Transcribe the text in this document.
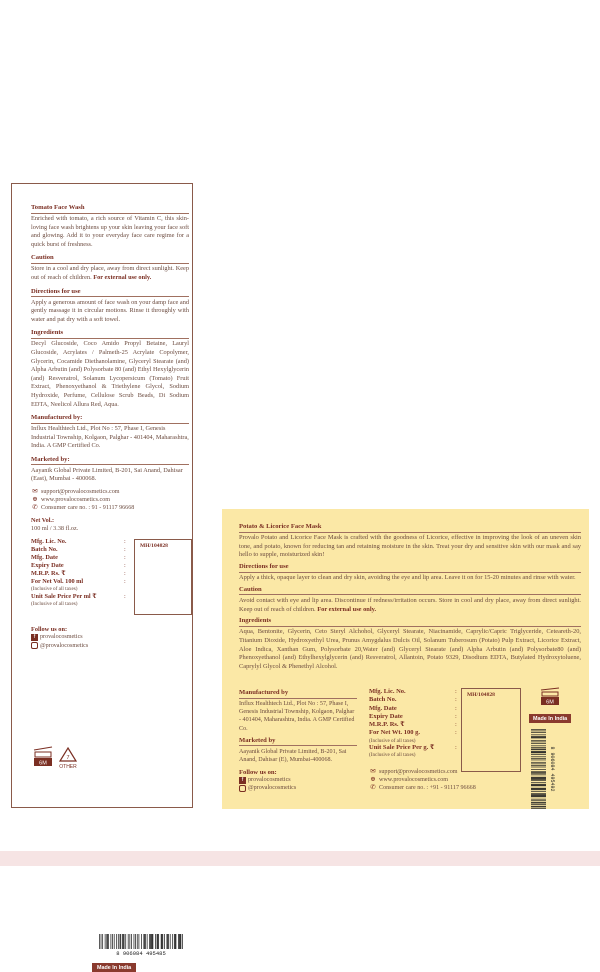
Tomato Face Wash
Enriched with tomato, a rich source of Vitamin C, this skin-loving face wash brightens up your skin leaving your face soft and glowing. Add it to your everyday face care regime for a quick burst of freshness.
Caution
Store in a cool and dry place, away from direct sunlight. Keep out of reach of children. For external use only.
Directions for use
Apply a generous amount of face wash on your damp face and gently massage it in circular motions. Rinse it throughly with water and pat dry with a soft towel.
Ingredients
Decyl Glucoside, Coco Amido Propyl Betaine, Lauryl Glucoside, Acrylates / Palmeth-25 Acrylate Copolymer, Glycerin, Cocamide Diethanolamine, Glyceryl Stearate (and) Alpha Arbutin (and) Polysorbate 80 (and) Ethyl Hexylglycerin (and) Resveratrol, Solanum Lycopersicum (Tomato) Fruit Extract, Phenoxyethanol & Triethylene Glycol, Sodium Hydroxide, Perfume, Cellulose Scrub Beads, Di Sodium EDTA, Neelicol Allura Red, Aqua.
Manufactured by:
Influx Healthtech Ltd., Plot No : 57, Phase I, Genesis Industrial Township, Kolgaon, Palghar - 401404, Maharashtra, India. A GMP Certified Co.
Marketed by:
Aayanik Global Private Limited, B-201, Sai Anand, Dahisar (East), Mumbai - 400068.
✉ support@provalocosmetics.com
⊕ www.provalocosmetics.com
✆ Consumer care no. : 91 - 91117 96668
Net Vol.:
100 ml / 3.38 fl.oz.
Mfg. Lic. No.	:
Batch No.	:
Mfg. Date	:
Expiry Date	:
M.R.P. Rs. ₹	:
For Net Vol. 100 ml	:
(Inclusive of all taxes)
Unit Sale Price Per ml ₹	:
(Inclusive of all taxes)
MH/104828
Follow us on:
f provalocosmetics
@provalocosmetics
6M
7
OTHER
8 906084 495485
Made In India
Potato & Licorice Face Mask
Provalo Potato and Licorice Face Mask is crafted with the goodness of Licorice, effective in improving the look of an uneven skin tone, and potato, known for reducing tan and retaining moisture in the skin. Treat your dry and sensitive skin with our mask and say hello to supple, moisturized skin!
Directions for use
Apply a thick, opaque layer to clean and dry skin, avoiding the eye and lip area. Leave it on for 15-20 minutes and rinse with water.
Caution
Avoid contact with eye and lip area. Discontinue if redness/irritation occurs. Store in cool and dry place, away from direct sunlight. Keep out of reach of children. For external use only.
Ingredients
Aqua, Bentonite, Glycerin, Ceto Steryl Alchohol, Glyceryl Stearate, Niacinamide, Caprylic/Capric Triglyceride, Ceteareth-20, Titanium Dioxide, Hydroxyethyl Urea, Prunus Amygdalus Dulcis Oil, Solanum Tuberosum (Potato) Pulp Extract, Licorice Extract, Aloe Indica, Xanthan Gum, Polysorbate 20,Water (and) Glyceryl Stearate (and) Alpha Arbutin (and) Polysorbate80 (and) Phenoxyethanol (and) Ethylhexylglycerin (and) Resveratrol, Allantoin, Potato 9329, Disodium EDTA, Butylated Hydroxytoluene, Caprylyl Glycol & Phenethyl Alcohol.
Manufactured by
Influx Healthtech Ltd., Plot No : 57, Phase I, Genesis Industrial Township, Kolgaon, Palghar - 401404, Maharashtra, India. A GMP Certified Co.
Marketed by
Aayanik Global Private Limited, B-201, Sai Anand, Dahisar (E), Mumbai-400068.
Follow us on:
f provalocosmetics
@provalocosmetics
Mfg. Lic. No.	:
Batch No.	:
Mfg. Date	:
Expiry Date	:
M.R.P. Rs. ₹	:
For Net Wt. 100 g.	:
(Inclusive of all taxes)
Unit Sale Price Per g. ₹	:
(Inclusive of all taxes)
MH/104828
✉ support@provalocosmetics.com
⊕ www.provalocosmetics.com
✆ Consumer care no. : +91 - 91117 96668
6M
Made In India
8 906084 495492
